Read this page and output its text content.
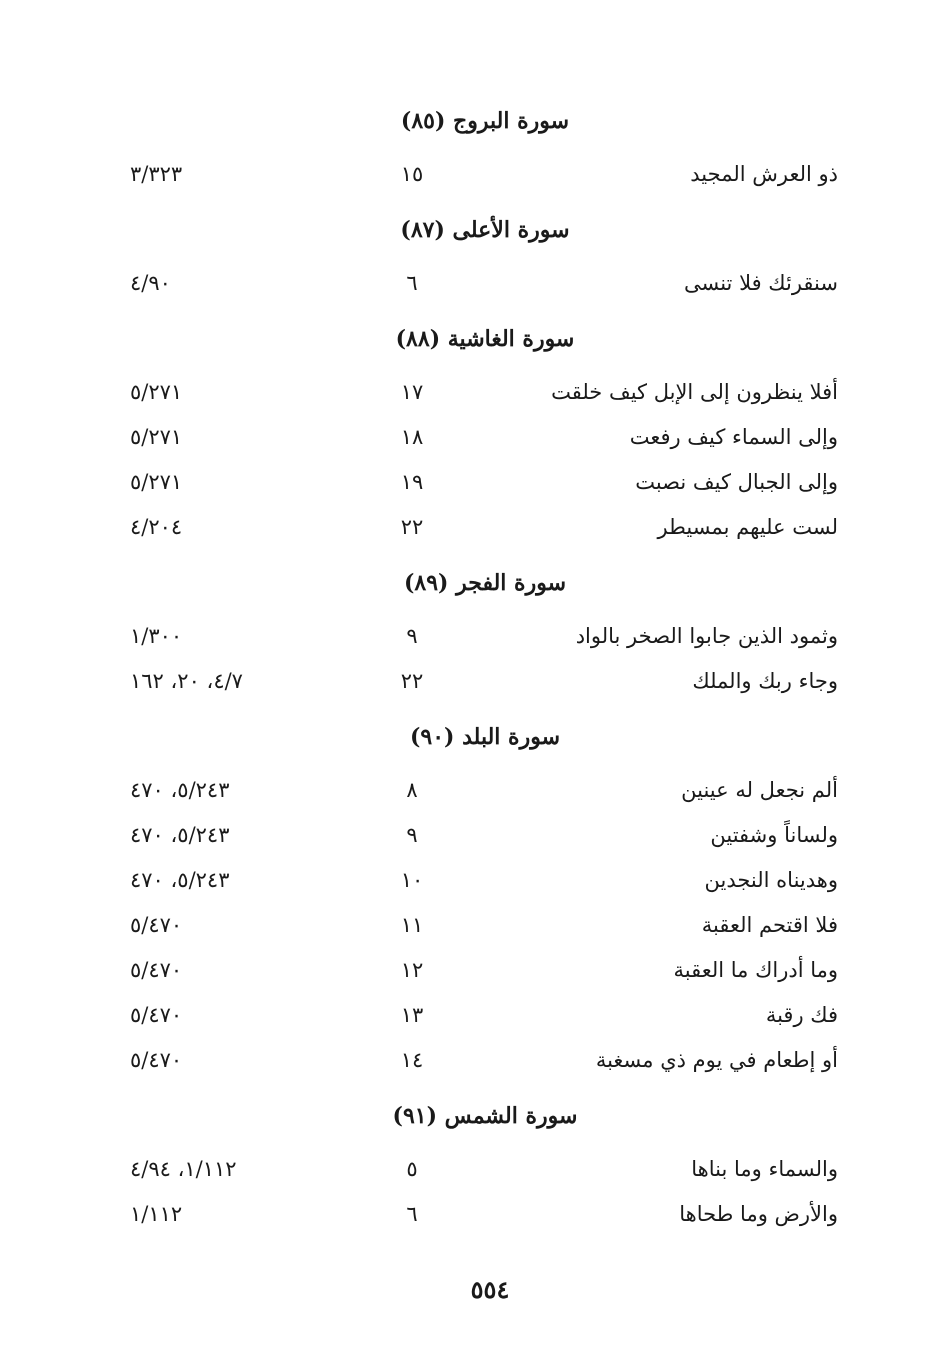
سورة البروج (٨٥)
ذو العرش المجيد
١٥
٣/٣٢٣
سورة الأعلى (٨٧)
سنقرئك فلا تنسى
٦
٤/٩٠
سورة الغاشية (٨٨)
أفلا ينظرون إلى الإبل كيف خلقت
١٧
٥/٢٧١
وإلى السماء كيف رفعت
١٨
٥/٢٧١
وإلى الجبال كيف نصبت
١٩
٥/٢٧١
لست عليهم بمسيطر
٢٢
٤/٢٠٤
سورة الفجر (٨٩)
وثمود الذين جابوا الصخر بالواد
٩
١/٣٠٠
وجاء ربك والملك
٢٢
٤/٧، ٢٠، ١٦٢
سورة البلد (٩٠)
ألم نجعل له عينين
٨
٥/٢٤٣، ٤٧٠
ولساناً وشفتين
٩
٥/٢٤٣، ٤٧٠
وهديناه النجدين
١٠
٥/٢٤٣، ٤٧٠
فلا اقتحم العقبة
١١
٥/٤٧٠
وما أدراك ما العقبة
١٢
٥/٤٧٠
فك رقبة
١٣
٥/٤٧٠
أو إطعام في يوم ذي مسغبة
١٤
٥/٤٧٠
سورة الشمس (٩١)
والسماء وما بناها
٥
١/١١٢، ٤/٩٤
والأرض وما طحاها
٦
١/١١٢
٥٥٤
